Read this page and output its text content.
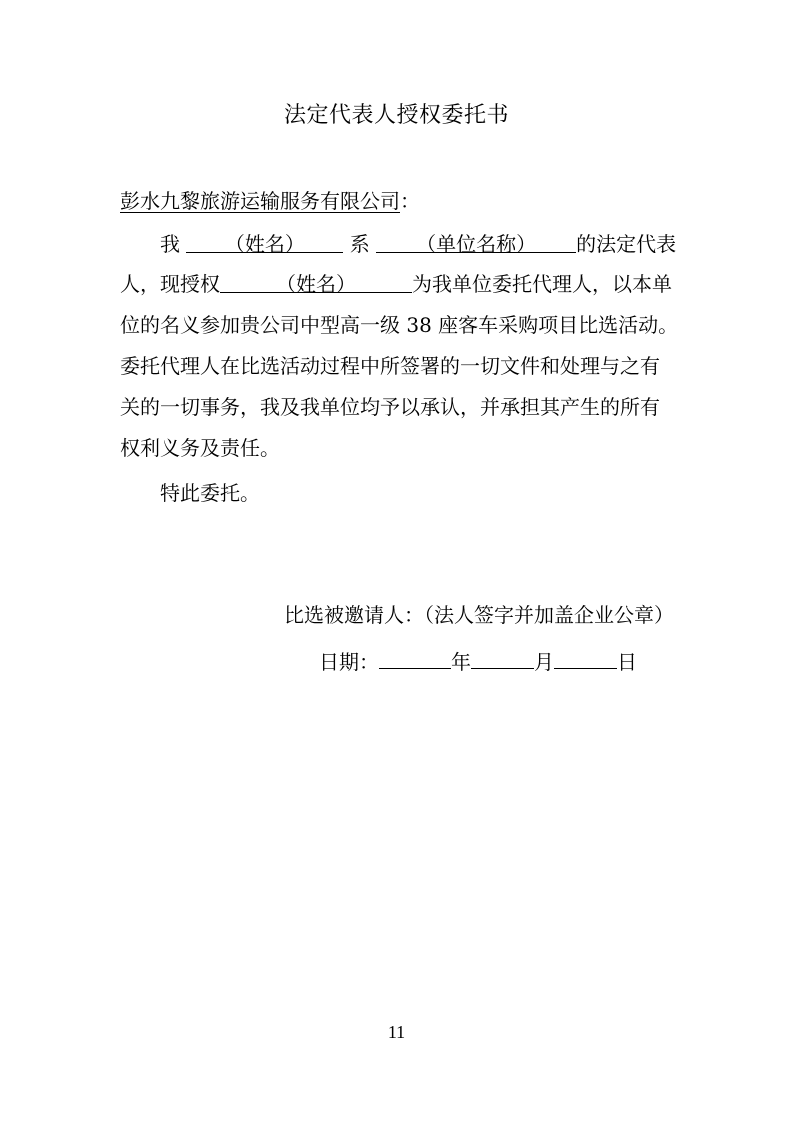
法定代表人授权委托书
彭水九黎旅游运输服务有限公司：
我 （姓名） 系 （单位名称） 的法定代表
人，现授权	（姓名）	为我单位委托代理人，以本单
位的名义参加贵公司中型高一级 38 座客车采购项目比选活动。
委托代理人在比选活动过程中所签署的一切文件和处理与之有
关的一切事务，我及我单位均予以承认，并承担其产生的所有
权利义务及责任。
特此委托。
比选被邀请人：（法人签字并加盖企业公章）
日期：	年	月	日
11
